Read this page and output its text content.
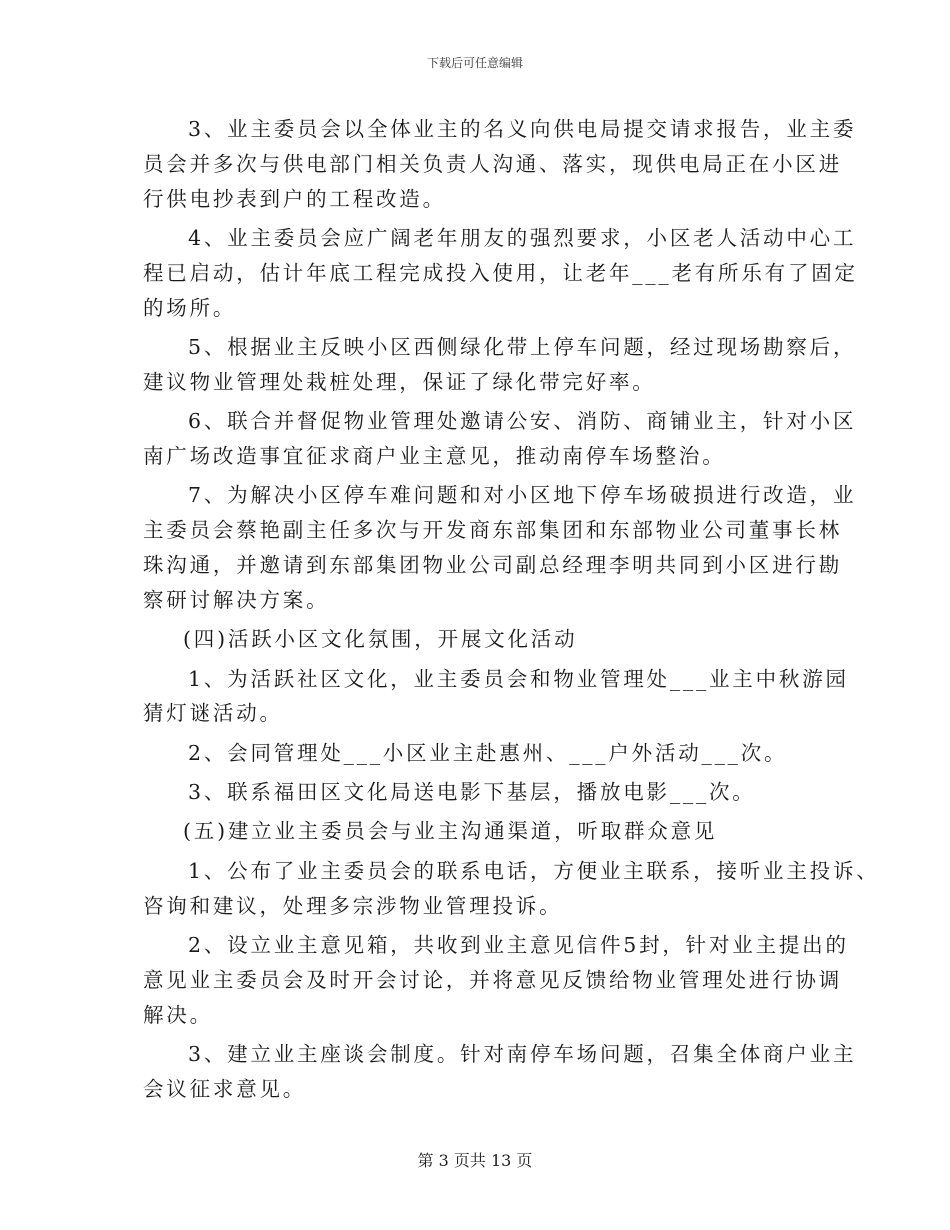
下载后可任意编辑
3、业主委员会以全体业主的名义向供电局提交请求报告，业主委
员会并多次与供电部门相关负责人沟通、落实，现供电局正在小区进
行供电抄表到户的工程改造。
4、业主委员会应广阔老年朋友的强烈要求，小区老人活动中心工
程已启动，估计年底工程完成投入使用，让老年___老有所乐有了固定
的场所。
5、根据业主反映小区西侧绿化带上停车问题，经过现场勘察后，
建议物业管理处栽桩处理，保证了绿化带完好率。
6、联合并督促物业管理处邀请公安、消防、商铺业主，针对小区
南广场改造事宜征求商户业主意见，推动南停车场整治。
7、为解决小区停车难问题和对小区地下停车场破损进行改造，业
主委员会蔡艳副主任多次与开发商东部集团和东部物业公司董事长林
珠沟通，并邀请到东部集团物业公司副总经理李明共同到小区进行勘
察研讨解决方案。
(四)活跃小区文化氛围，开展文化活动
1、为活跃社区文化，业主委员会和物业管理处___业主中秋游园
猜灯谜活动。
2、会同管理处___小区业主赴惠州、___户外活动___次。
3、联系福田区文化局送电影下基层，播放电影___次。
(五)建立业主委员会与业主沟通渠道，听取群众意见
1、公布了业主委员会的联系电话，方便业主联系，接听业主投诉、
咨询和建议，处理多宗涉物业管理投诉。
2、设立业主意见箱，共收到业主意见信件5封，针对业主提出的
意见业主委员会及时开会讨论，并将意见反馈给物业管理处进行协调
解决。
3、建立业主座谈会制度。针对南停车场问题，召集全体商户业主
会议征求意见。
第 3 页共 13 页
